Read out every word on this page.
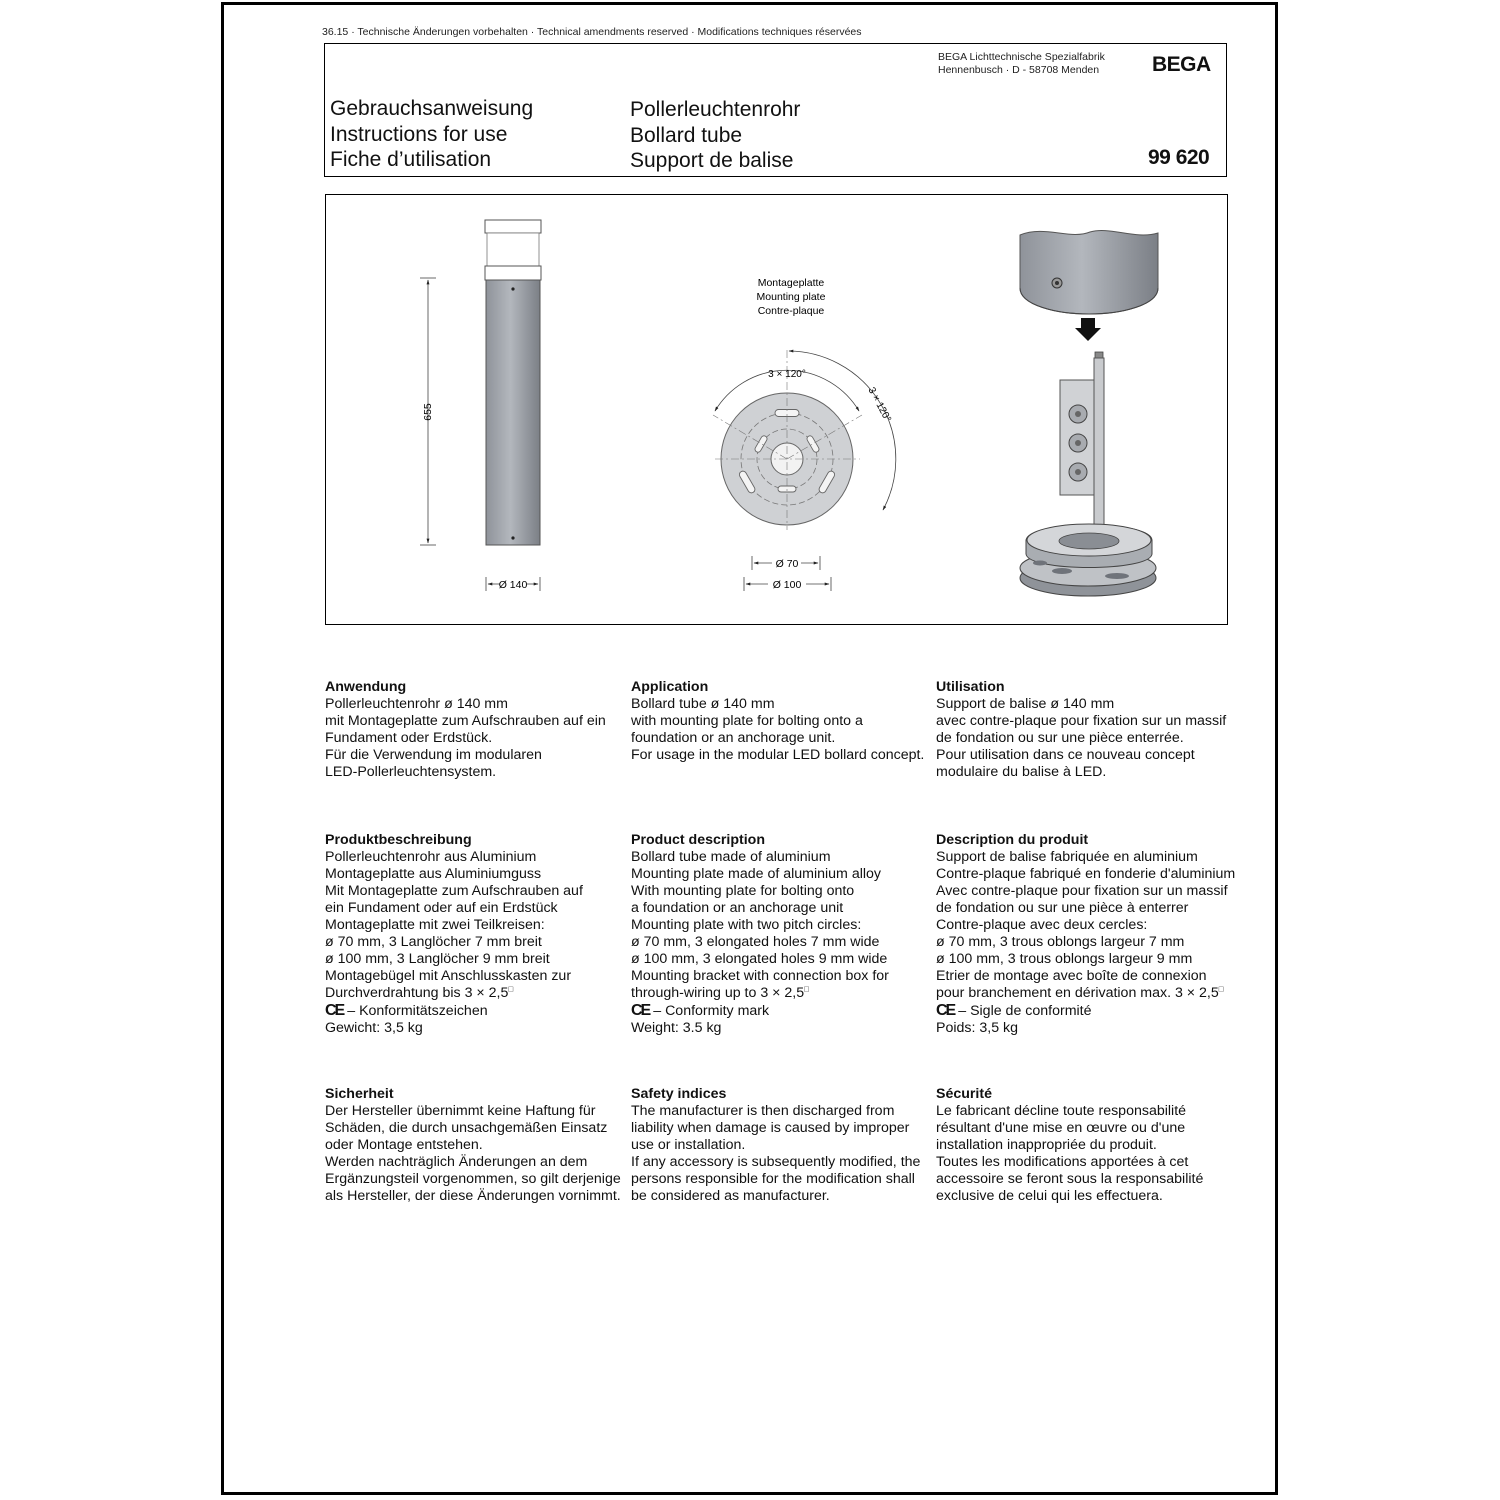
36.15 · Technische Änderungen vorbehalten · Technical amendments reserved · Modifications techniques réservées
BEGA Lichttechnische Spezialfabrik
Hennenbusch · D - 58708 Menden	BEGA
Gebrauchsanweisung
Instructions for use
Fiche d’utilisation
Pollerleuchtenrohr
Bollard tube
Support de balise	99 620
655
Ø 140
Montageplatte
Mounting plate
Contre-plaque
3 × 120°
3 × 120°
Ø 70
Ø 100
Anwendung
Pollerleuchtenrohr ø 140 mm
mit Montageplatte zum Aufschrauben auf ein
Fundament oder Erdstück.
Für die Verwendung im modularen
LED-Pollerleuchtensystem.
Application
Bollard tube ø 140 mm
with mounting plate for bolting onto a
foundation or an anchorage unit.
For usage in the modular LED bollard concept.
Utilisation
Support de balise ø 140 mm
avec contre-plaque pour fixation sur un massif
de fondation ou sur une pièce enterrée.
Pour utilisation dans ce nouveau concept
modulaire du balise à LED.
Produktbeschreibung
Pollerleuchtenrohr aus Aluminium
Montageplatte aus Aluminiumguss
Mit Montageplatte zum Aufschrauben auf
ein Fundament oder auf ein Erdstück
Montageplatte mit zwei Teilkreisen:
ø 70 mm, 3 Langlöcher 7 mm breit
ø 100 mm, 3 Langlöcher 9 mm breit
Montagebügel mit Anschlusskasten zur
Durchverdrahtung bis 3 × 2,5□
CE – Konformitätszeichen
Gewicht: 3,5 kg
Product description
Bollard tube made of aluminium
Mounting plate made of aluminium alloy
With mounting plate for bolting onto
a foundation or an anchorage unit
Mounting plate with two pitch circles:
ø 70 mm, 3 elongated holes 7 mm wide
ø 100 mm, 3 elongated holes 9 mm wide
Mounting bracket with connection box for
through-wiring up to 3 × 2,5□
CE – Conformity mark
Weight: 3.5 kg
Description du produit
Support de balise fabriquée en aluminium
Contre-plaque fabriqué en fonderie d'aluminium
Avec contre-plaque pour fixation sur un massif
de fondation ou sur une pièce à enterrer
Contre-plaque avec deux cercles:
ø 70 mm, 3 trous oblongs largeur 7 mm
ø 100 mm, 3 trous oblongs largeur 9 mm
Etrier de montage avec boîte de connexion
pour branchement en dérivation max. 3 × 2,5□
CE – Sigle de conformité
Poids: 3,5 kg
Sicherheit
Der Hersteller übernimmt keine Haftung für
Schäden, die durch unsachgemäßen Einsatz
oder Montage entstehen.
Werden nachträglich Änderungen an dem
Ergänzungsteil vorgenommen, so gilt derjenige
als Hersteller, der diese Änderungen vornimmt.
Safety indices
The manufacturer is then discharged from
liability when damage is caused by improper
use or installation.
If any accessory is subsequently modified, the
persons responsible for the modification shall
be considered as manufacturer.
Sécurité
Le fabricant décline toute responsabilité
résultant d'une mise en œuvre ou d'une
installation inappropriée du produit.
Toutes les modifications apportées à cet
accessoire se feront sous la responsabilité
exclusive de celui qui les effectuera.
